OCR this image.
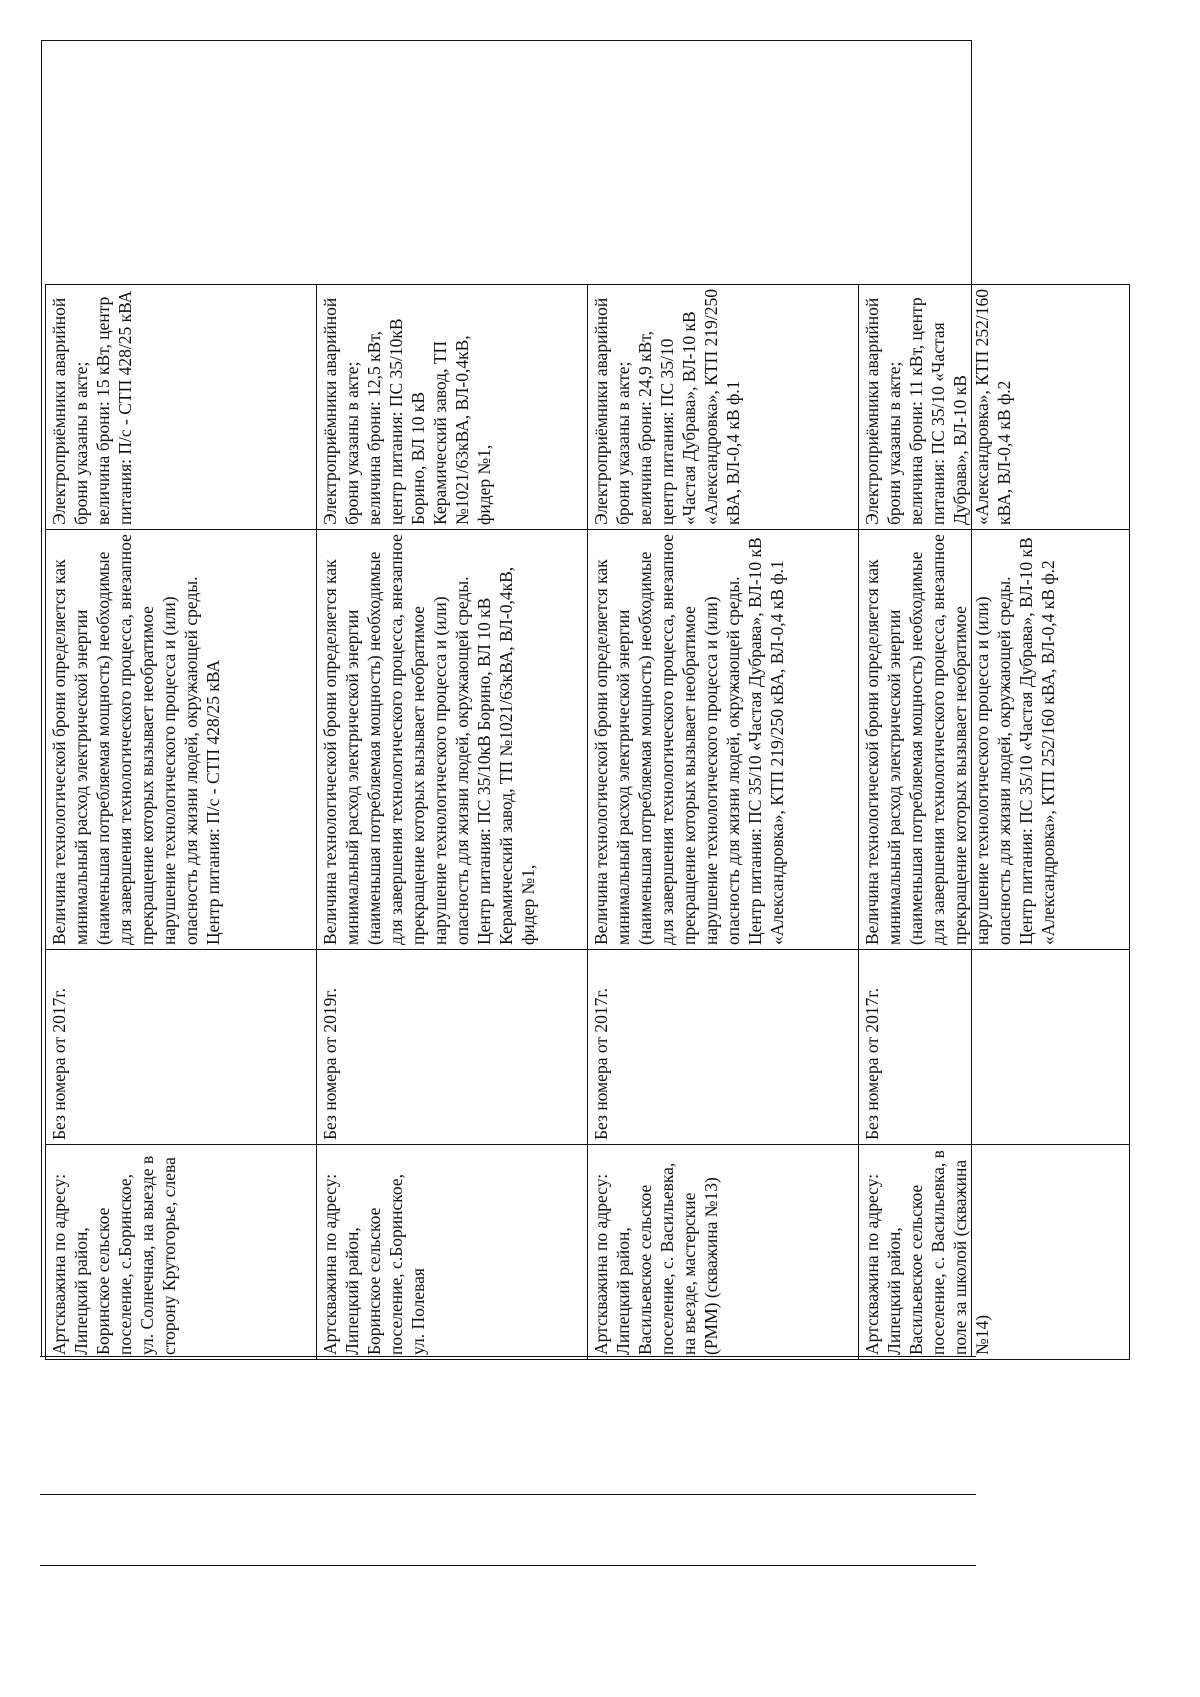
Артскважина по адресу: Липецкий район, Боринское сельское поселение, с.Боринское, ул. Солнечная, на выезде в сторону Крутогорье, слева	Без номера от 2017г.	Величина технологической брони определяется как минимальный расход электрической энергии (наименьшая потребляемая мощность) необходимые для завершения технологического процесса, внезапное прекращение которых вызывает необратимое нарушение технологического процесса и (или) опасность для жизни людей, окружающей среды. Центр питания: П/с - СТП 428/25 кВА	Электроприёмники аварийной брони указаны в акте; величина брони: 15 кВт, центр питания: П/с - СТП 428/25 кВА	
Артскважина по адресу: Липецкий район, Боринское сельское поселение, с.Боринское, ул. Полевая	Без номера от 2019г.	Величина технологической брони определяется как минимальный расход электрической энергии (наименьшая потребляемая мощность) необходимые для завершения технологического процесса, внезапное прекращение которых вызывает необратимое нарушение технологического процесса и (или) опасность для жизни людей, окружающей среды. Центр питания: ПС 35/10кВ Борино, ВЛ 10 кВ Керамический завод, ТП №1021/63кВА, ВЛ-0,4кВ, фидер №1,	Электроприёмники аварийной брони указаны в акте; величина брони: 12,5 кВт, центр питания: ПС 35/10кВ Борино, ВЛ 10 кВ Керамический завод, ТП №1021/63кВА, ВЛ-0,4кВ, фидер №1,	
Артскважина по адресу: Липецкий район, Васильевское сельское поселение, с. Васильевка, на въезде, мастерские (РММ) (скважина №13)	Без номера от 2017г.	Величина технологической брони определяется как минимальный расход электрической энергии (наименьшая потребляемая мощность) необходимые для завершения технологического процесса, внезапное прекращение которых вызывает необратимое нарушение технологического процесса и (или) опасность для жизни людей, окружающей среды. Центр питания: ПС 35/10 «Частая Дубрава», ВЛ-10 кВ «Александровка», КТП 219/250 кВА, ВЛ-0,4 кВ ф.1	Электроприёмники аварийной брони указаны в акте; величина брони: 24,9 кВт, центр питания: ПС 35/10 «Частая Дубрава», ВЛ-10 кВ «Александровка», КТП 219/250 кВА, ВЛ-0,4 кВ ф.1	
Артскважина по адресу: Липецкий район, Васильевское сельское поселение, с. Васильевка, в поле за школой (скважина №14)	Без номера от 2017г.	Величина технологической брони определяется как минимальный расход электрической энергии (наименьшая потребляемая мощность) необходимые для завершения технологического процесса, внезапное прекращение которых вызывает необратимое нарушение технологического процесса и (или) опасность для жизни людей, окружающей среды. Центр питания: ПС 35/10 «Частая Дубрава», ВЛ-10 кВ «Александровка», КТП 252/160 кВА, ВЛ-0,4 кВ ф.2	Электроприёмники аварийной брони указаны в акте; величина брони: 11 кВт, центр питания: ПС 35/10 «Частая Дубрава», ВЛ-10 кВ «Александровка», КТП 252/160 кВА, ВЛ-0,4 кВ ф.2	
